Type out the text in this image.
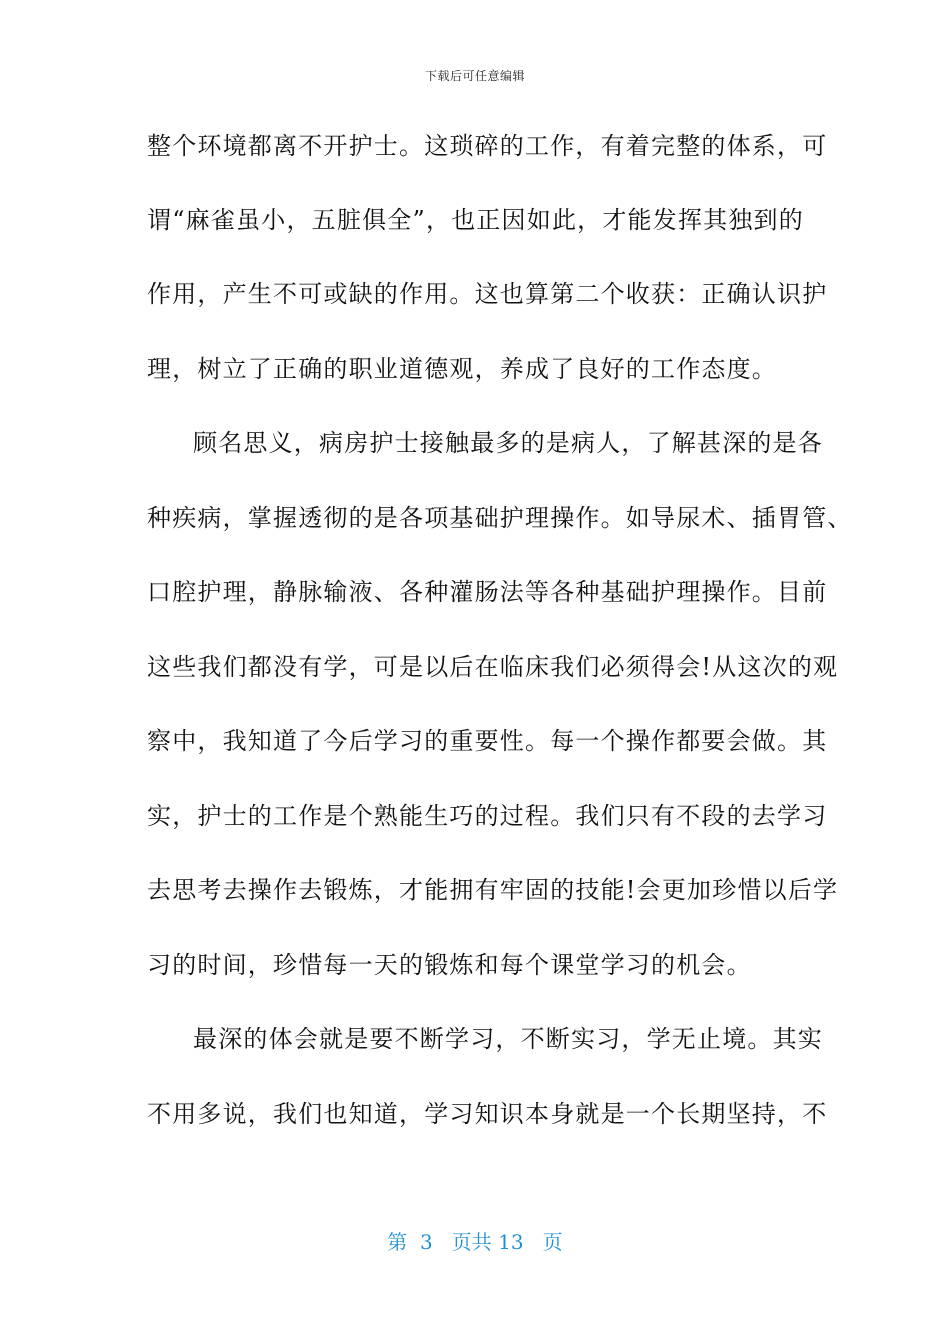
下载后可任意编辑
整个环境都离不开护士。这琐碎的工作，有着完整的体系，可
谓“麻雀虽小，五脏俱全”，也正因如此，才能发挥其独到的
作用，产生不可或缺的作用。这也算第二个收获：正确认识护
理，树立了正确的职业道德观，养成了良好的工作态度。
顾名思义，病房护士接触最多的是病人，了解甚深的是各
种疾病，掌握透彻的是各项基础护理操作。如导尿术、插胃管、
口腔护理，静脉输液、各种灌肠法等各种基础护理操作。目前
这些我们都没有学，可是以后在临床我们必须得会!从这次的观
察中，我知道了今后学习的重要性。每一个操作都要会做。其
实，护士的工作是个熟能生巧的过程。我们只有不段的去学习
去思考去操作去锻炼，才能拥有牢固的技能!会更加珍惜以后学
习的时间，珍惜每一天的锻炼和每个课堂学习的机会。
最深的体会就是要不断学习，不断实习，学无止境。其实
不用多说，我们也知道，学习知识本身就是一个长期坚持，不
第  3   页共 13   页
